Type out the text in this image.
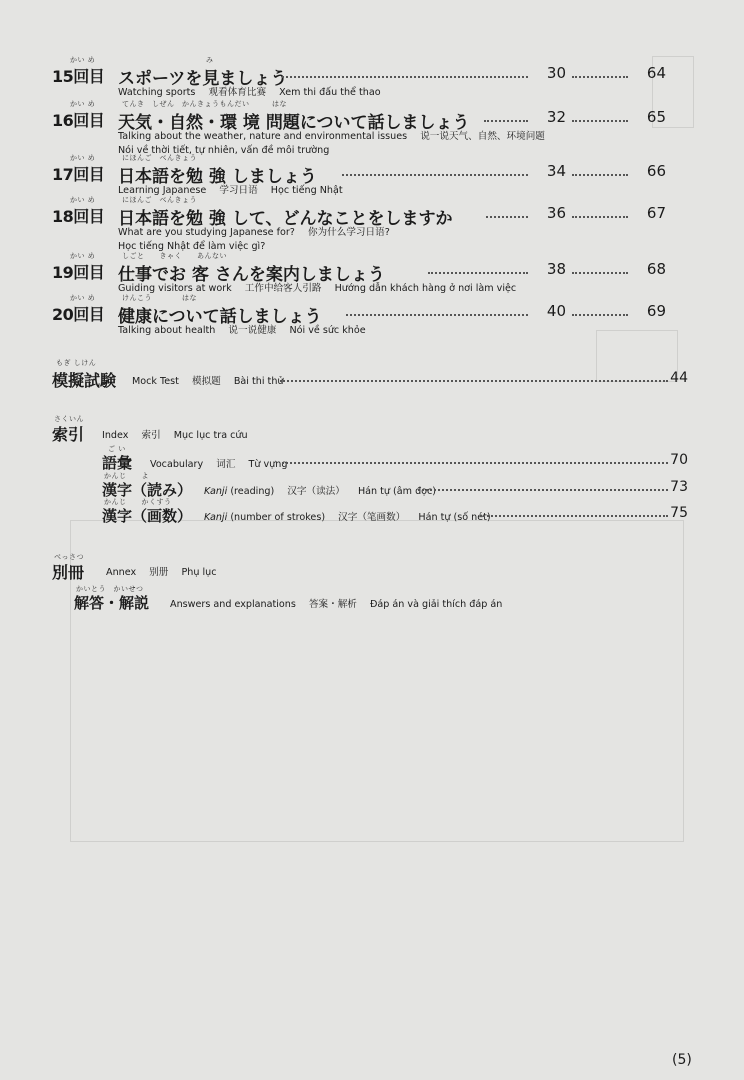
かい め
15回目
み
スポーツを見ましょう	30	64
Watching sports 观看体育比赛 Xem thi đấu thể thao
かい め
16回目
てんき　しぜん　かんきょうもんだい　　　はな
天気・自然・環 境 問題について話しましょう	32	65
Talking about the weather, nature and environmental issues 说一说天气、自然、环境问题
Nói về thời tiết, tự nhiên, vấn đề môi trường
かい め
17回目
にほんご　べんきょう
日本語を勉 強 しましょう	34	66
Learning Japanese 学习日语 Học tiếng Nhật
かい め
18回目
にほんご　べんきょう
日本語を勉 強 して、どんなことをしますか	36	67
What are you studying Japanese for? 你为什么学习日语?
Học tiếng Nhật để làm việc gì?
かい め
19回目
しごと　　きゃく　　あんない
仕事でお 客 さんを案内しましょう	38	68
Guiding visitors at work 工作中给客人引路 Hướng dẫn khách hàng ở nơi làm việc
かい め
20回目
けんこう　　　　はな
健康について話しましょう	40	69
Talking about health 说一说健康 Nói về sức khỏe
もぎ しけん
模擬試験 Mock Test 模拟题 Bài thi thử	44
さくいん
索引 Index 索引 Mục lục tra cứu
ご い
語彙 Vocabulary 词汇 Từ vựng	70
かんじ　　よ
漢字（読み） Kanji (reading) 汉字（读法） Hán tự (âm đọc)	73
かんじ　　かくすう
漢字（画数） Kanji (number of strokes) 汉字（笔画数） Hán tự (số nét)	75
べっさつ
別冊 Annex 别册 Phụ lục
かいとう　かいせつ
解答・解説 Answers and explanations 答案・解析 Đáp án và giải thích đáp án
(5)
